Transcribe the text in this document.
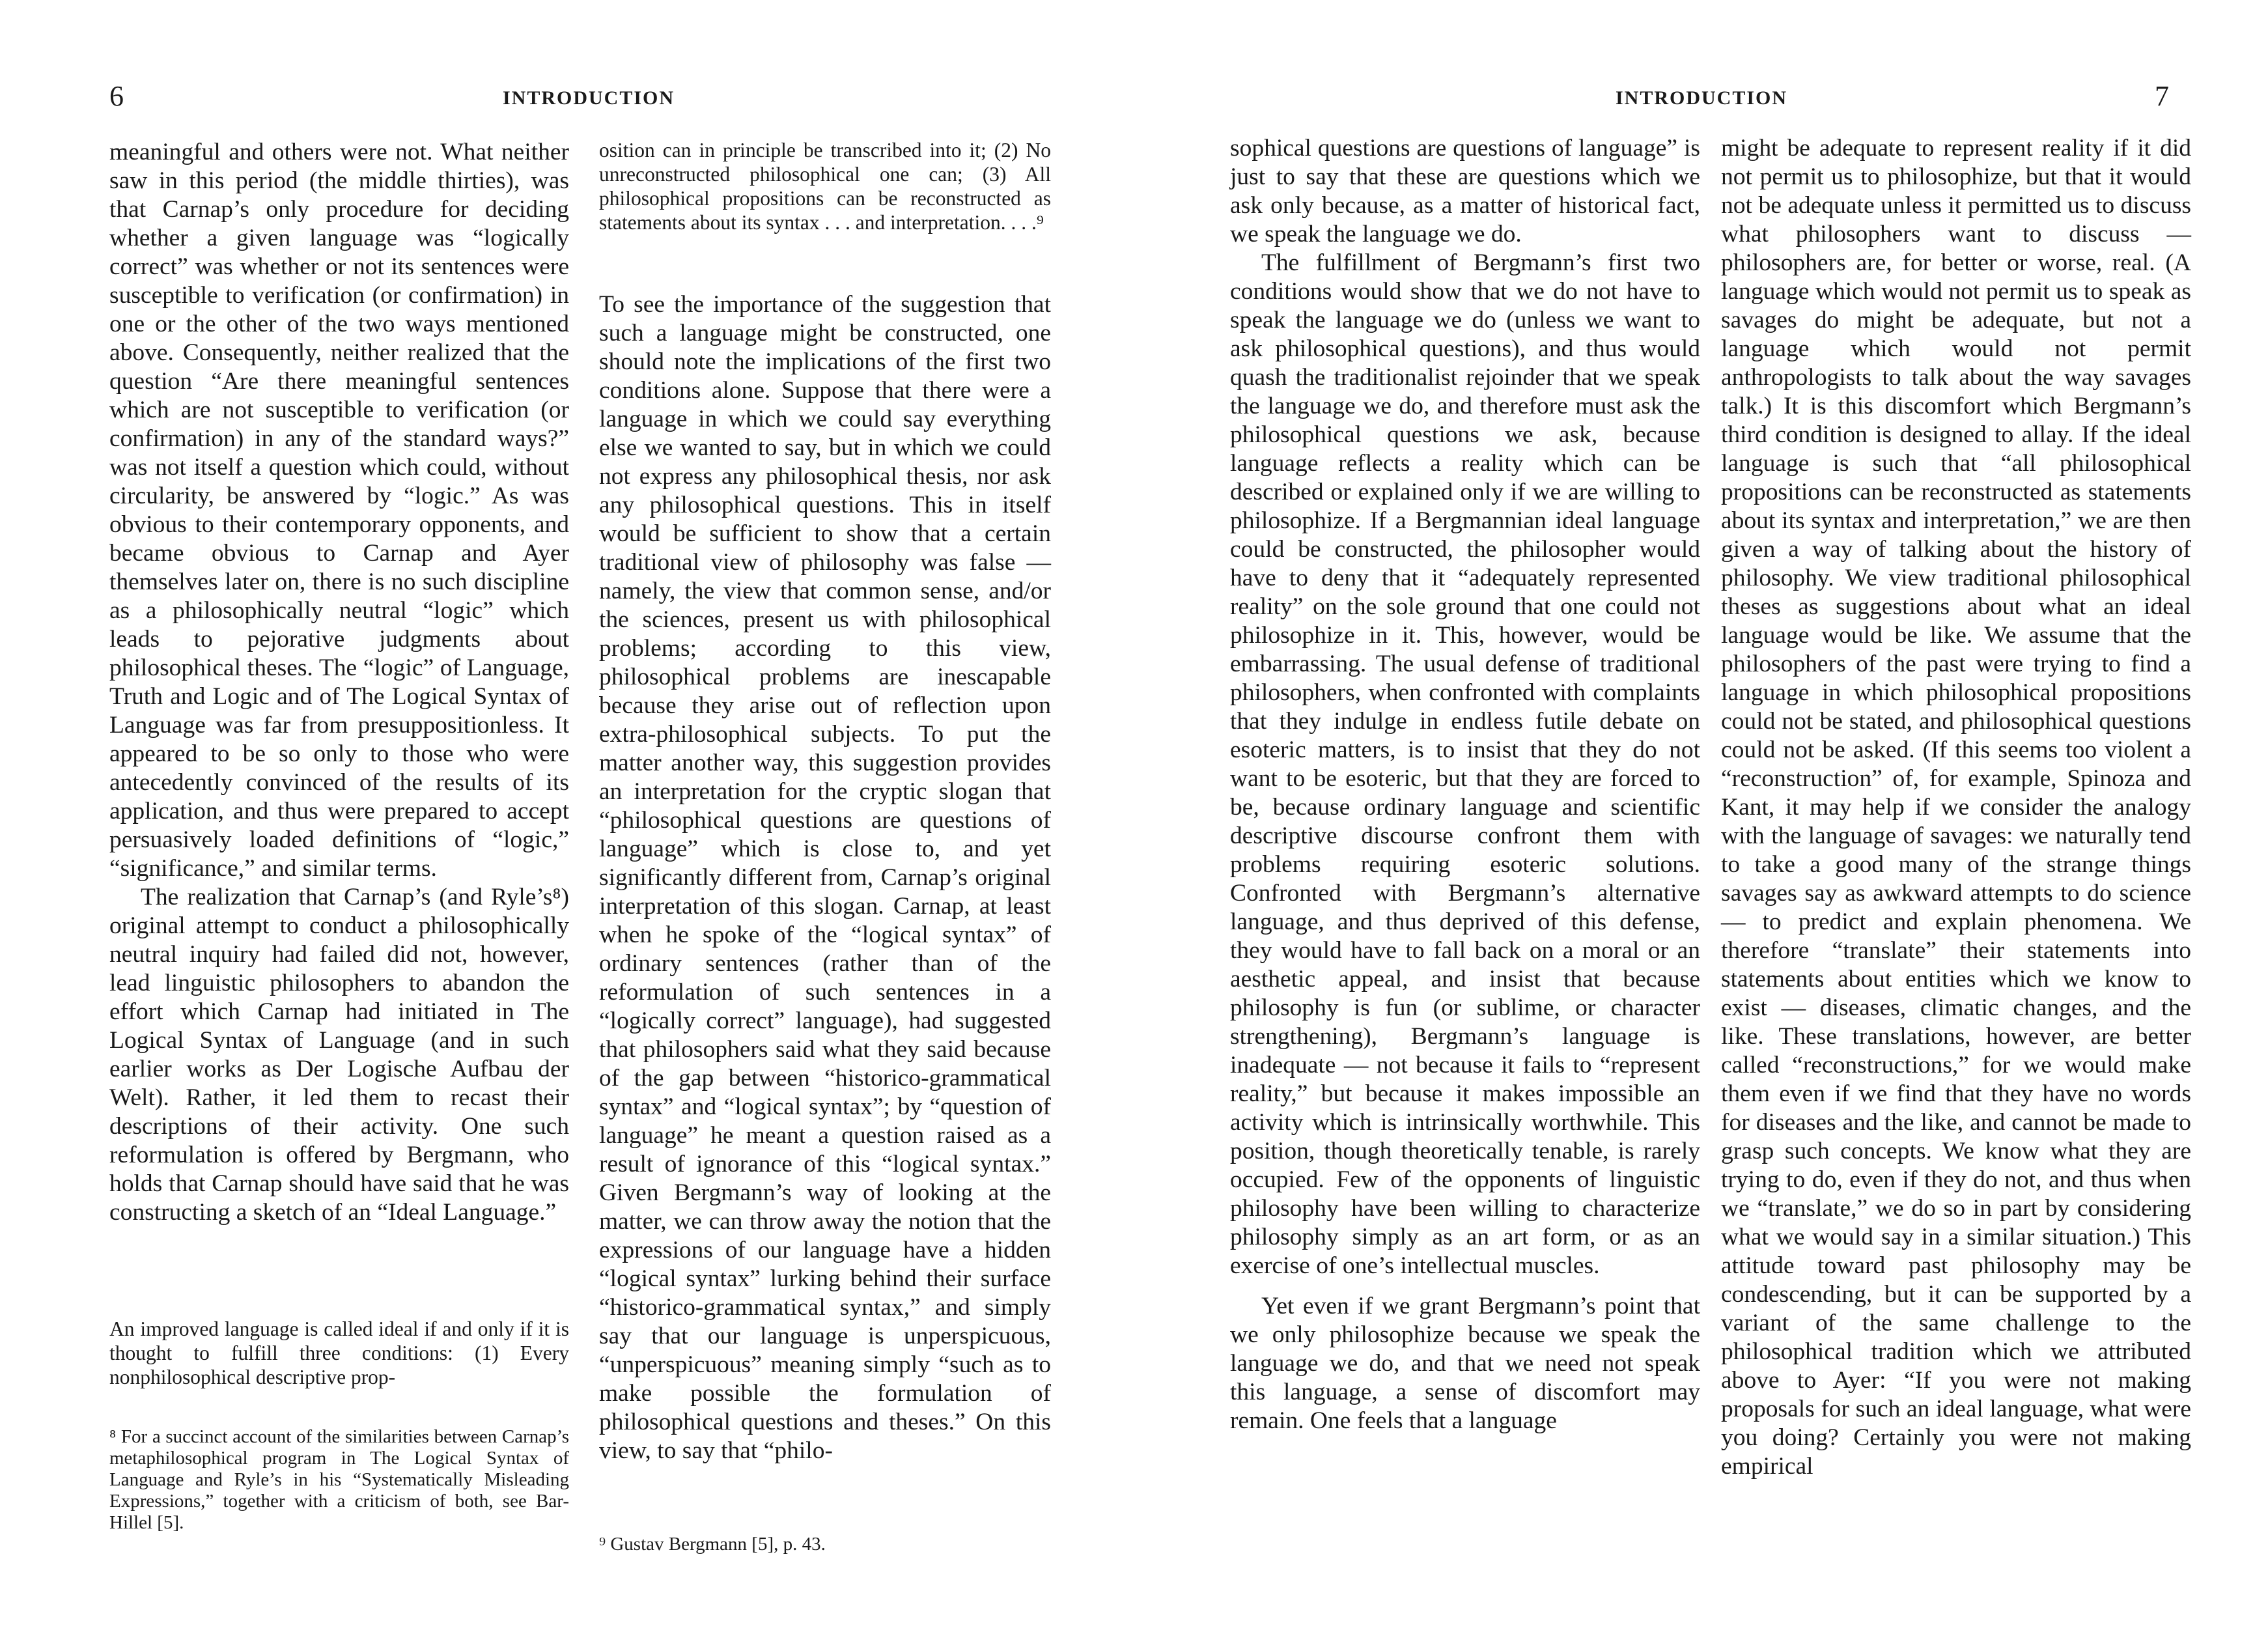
6	INTRODUCTION

meaningful and others were not. What neither saw in this period (the middle thirties), was that Carnap’s only procedure for deciding whether a given language was “logically correct” was whether or not its sentences were susceptible to verification (or confirmation) in one or the other of the two ways mentioned above. Consequently, neither realized that the question “Are there meaningful sentences which are not susceptible to verification (or confirmation) in any of the standard ways?” was not itself a question which could, without circularity, be answered by “logic.” As was obvious to their contemporary opponents, and became obvious to Carnap and Ayer themselves later on, there is no such discipline as a philosophically neutral “logic” which leads to pejorative judgments about philosophical theses. The “logic” of Language, Truth and Logic and of The Logical Syntax of Language was far from presuppositionless. It appeared to be so only to those who were antecedently convinced of the results of its application, and thus were prepared to accept persuasively loaded definitions of “logic,” “significance,” and similar terms.

The realization that Carnap’s (and Ryle’s⁸) original attempt to conduct a philosophically neutral inquiry had failed did not, however, lead linguistic philosophers to abandon the effort which Carnap had initiated in The Logical Syntax of Language (and in such earlier works as Der Logische Aufbau der Welt). Rather, it led them to recast their descriptions of their activity. One such reformulation is offered by Bergmann, who holds that Carnap should have said that he was constructing a sketch of an “Ideal Language.”

An improved language is called ideal if and only if it is thought to fulfill three conditions: (1) Every nonphilosophical descriptive prop-
⁸ For a succinct account of the similarities between Carnap’s metaphilosophical program in The Logical Syntax of Language and Ryle’s in his “Systematically Misleading Expressions,” together with a criticism of both, see Bar-Hillel [5].
osition can in principle be transcribed into it; (2) No unreconstructed philosophical one can; (3) All philosophical propositions can be reconstructed as statements about its syntax . . . and interpretation. . . .⁹
To see the importance of the suggestion that such a language might be constructed, one should note the implications of the first two conditions alone. Suppose that there were a language in which we could say everything else we wanted to say, but in which we could not express any philosophical thesis, nor ask any philosophical questions. This in itself would be sufficient to show that a certain traditional view of philosophy was false — namely, the view that common sense, and/or the sciences, present us with philosophical problems; according to this view, philosophical problems are inescapable because they arise out of reflection upon extra-philosophical subjects. To put the matter another way, this suggestion provides an interpretation for the cryptic slogan that “philosophical questions are questions of language” which is close to, and yet significantly different from, Carnap’s original interpretation of this slogan. Carnap, at least when he spoke of the “logical syntax” of ordinary sentences (rather than of the reformulation of such sentences in a “logically correct” language), had suggested that philosophers said what they said because of the gap between “historico-grammatical syntax” and “logical syntax”; by “question of language” he meant a question raised as a result of ignorance of this “logical syntax.” Given Bergmann’s way of looking at the matter, we can throw away the notion that the expressions of our language have a hidden “logical syntax” lurking behind their surface “historico-grammatical syntax,” and simply say that our language is unperspicuous, “unperspicuous” meaning simply “such as to make possible the formulation of philosophical questions and theses.” On this view, to say that “philo-
⁹ Gustav Bergmann [5], p. 43.
INTRODUCTION	7

sophical questions are questions of language” is just to say that these are questions which we ask only because, as a matter of historical fact, we speak the language we do.

The fulfillment of Bergmann’s first two conditions would show that we do not have to speak the language we do (unless we want to ask philosophical questions), and thus would quash the traditionalist rejoinder that we speak the language we do, and therefore must ask the philosophical questions we ask, because language reflects a reality which can be described or explained only if we are willing to philosophize. If a Bergmannian ideal language could be constructed, the philosopher would have to deny that it “adequately represented reality” on the sole ground that one could not philosophize in it. This, however, would be embarrassing. The usual defense of traditional philosophers, when confronted with complaints that they indulge in endless futile debate on esoteric matters, is to insist that they do not want to be esoteric, but that they are forced to be, because ordinary language and scientific descriptive discourse confront them with problems requiring esoteric solutions. Confronted with Bergmann’s alternative language, and thus deprived of this defense, they would have to fall back on a moral or an aesthetic appeal, and insist that because philosophy is fun (or sublime, or character strengthening), Bergmann’s language is inadequate — not because it fails to “represent reality,” but because it makes impossible an activity which is intrinsically worthwhile. This position, though theoretically tenable, is rarely occupied. Few of the opponents of linguistic philosophy have been willing to characterize philosophy simply as an art form, or as an exercise of one’s intellectual muscles.

Yet even if we grant Bergmann’s point that we only philosophize because we speak the language we do, and that we need not speak this language, a sense of discomfort may remain. One feels that a language

might be adequate to represent reality if it did not permit us to philosophize, but that it would not be adequate unless it permitted us to discuss what philosophers want to discuss — philosophers are, for better or worse, real. (A language which would not permit us to speak as savages do might be adequate, but not a language which would not permit anthropologists to talk about the way savages talk.) It is this discomfort which Bergmann’s third condition is designed to allay. If the ideal language is such that “all philosophical propositions can be reconstructed as statements about its syntax and interpretation,” we are then given a way of talking about the history of philosophy. We view traditional philosophical theses as suggestions about what an ideal language would be like. We assume that the philosophers of the past were trying to find a language in which philosophical propositions could not be stated, and philosophical questions could not be asked. (If this seems too violent a “reconstruction” of, for example, Spinoza and Kant, it may help if we consider the analogy with the language of savages: we naturally tend to take a good many of the strange things savages say as awkward attempts to do science — to predict and explain phenomena. We therefore “translate” their statements into statements about entities which we know to exist — diseases, climatic changes, and the like. These translations, however, are better called “reconstructions,” for we would make them even if we find that they have no words for diseases and the like, and cannot be made to grasp such concepts. We know what they are trying to do, even if they do not, and thus when we “translate,” we do so in part by considering what we would say in a similar situation.) This attitude toward past philosophy may be condescending, but it can be supported by a variant of the same challenge to the philosophical tradition which we attributed above to Ayer: “If you were not making proposals for such an ideal language, what were you doing? Certainly you were not making empirical
